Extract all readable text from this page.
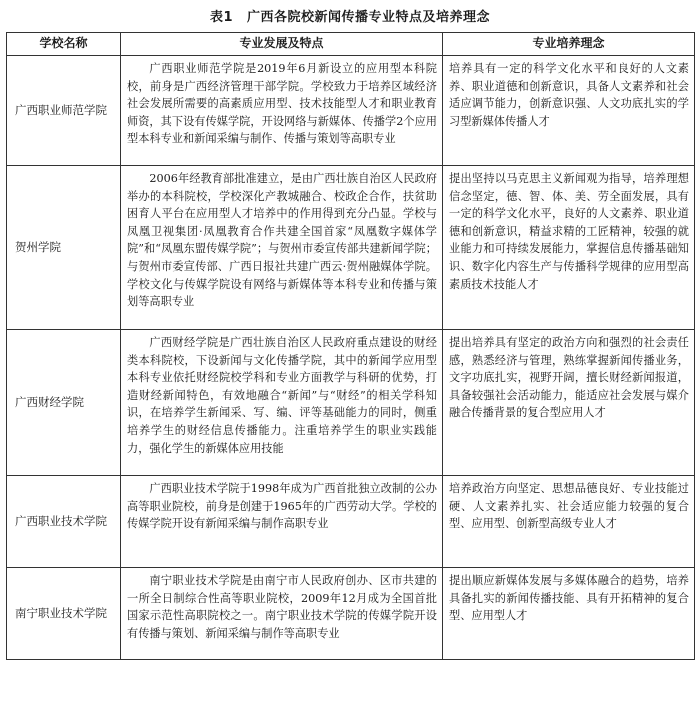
表1 广西各院校新闻传播专业特点及培养理念
学校名称	专业发展及特点	专业培养理念
广西职业师范学院	广西职业师范学院是2019年6月新设立的应用型本科院校，前身是广西经济管理干部学院。学校致力于培养区域经济社会发展所需要的高素质应用型、技术技能型人才和职业教育师资，其下设有传媒学院，开设网络与新媒体、传播学2个应用型本科专业和新闻采编与制作、传播与策划等高职专业	培养具有一定的科学文化水平和良好的人文素养、职业道德和创新意识，具备人文素养和社会适应调节能力，创新意识强、人文功底扎实的学习型新媒体传播人才
贺州学院	2006年经教育部批准建立，是由广西壮族自治区人民政府举办的本科院校，学校深化产教城融合、校政企合作，扶贫助困育人平台在应用型人才培养中的作用得到充分凸显。学校与凤凰卫视集团·凤凰教育合作共建全国首家“凤凰数字媒体学院”和“凤凰东盟传媒学院”；与贺州市委宣传部共建新闻学院；与贺州市委宣传部、广西日报社共建广西云·贺州融媒体学院。学校文化与传媒学院设有网络与新媒体等本科专业和传播与策划等高职专业	提出坚持以马克思主义新闻观为指导，培养理想信念坚定，德、智、体、美、劳全面发展，具有一定的科学文化水平，良好的人文素养、职业道德和创新意识，精益求精的工匠精神，较强的就业能力和可持续发展能力，掌握信息传播基础知识、数字化内容生产与传播科学规律的应用型高素质技术技能人才
广西财经学院	广西财经学院是广西壮族自治区人民政府重点建设的财经类本科院校，下设新闻与文化传播学院，其中的新闻学应用型本科专业依托财经院校学科和专业方面教学与科研的优势，打造财经新闻特色，有效地融合“新闻”与“财经”的相关学科知识，在培养学生新闻采、写、编、评等基础能力的同时，侧重培养学生的财经信息传播能力。注重培养学生的职业实践能力，强化学生的新媒体应用技能	提出培养具有坚定的政治方向和强烈的社会责任感，熟悉经济与管理，熟练掌握新闻传播业务，文字功底扎实，视野开阔，擅长财经新闻报道，具备较强社会活动能力，能适应社会发展与媒介融合传播背景的复合型应用人才
广西职业技术学院	广西职业技术学院于1998年成为广西首批独立改制的公办高等职业院校，前身是创建于1965年的广西劳动大学。学校的传媒学院开设有新闻采编与制作高职专业	培养政治方向坚定、思想品德良好、专业技能过硬、人文素养扎实、社会适应能力较强的复合型、应用型、创新型高级专业人才
南宁职业技术学院	南宁职业技术学院是由南宁市人民政府创办、区市共建的一所全日制综合性高等职业院校，2009年12月成为全国首批国家示范性高职院校之一。南宁职业技术学院的传媒学院开设有传播与策划、新闻采编与制作等高职专业	提出顺应新媒体发展与多媒体融合的趋势，培养具备扎实的新闻传播技能、具有开拓精神的复合型、应用型人才
